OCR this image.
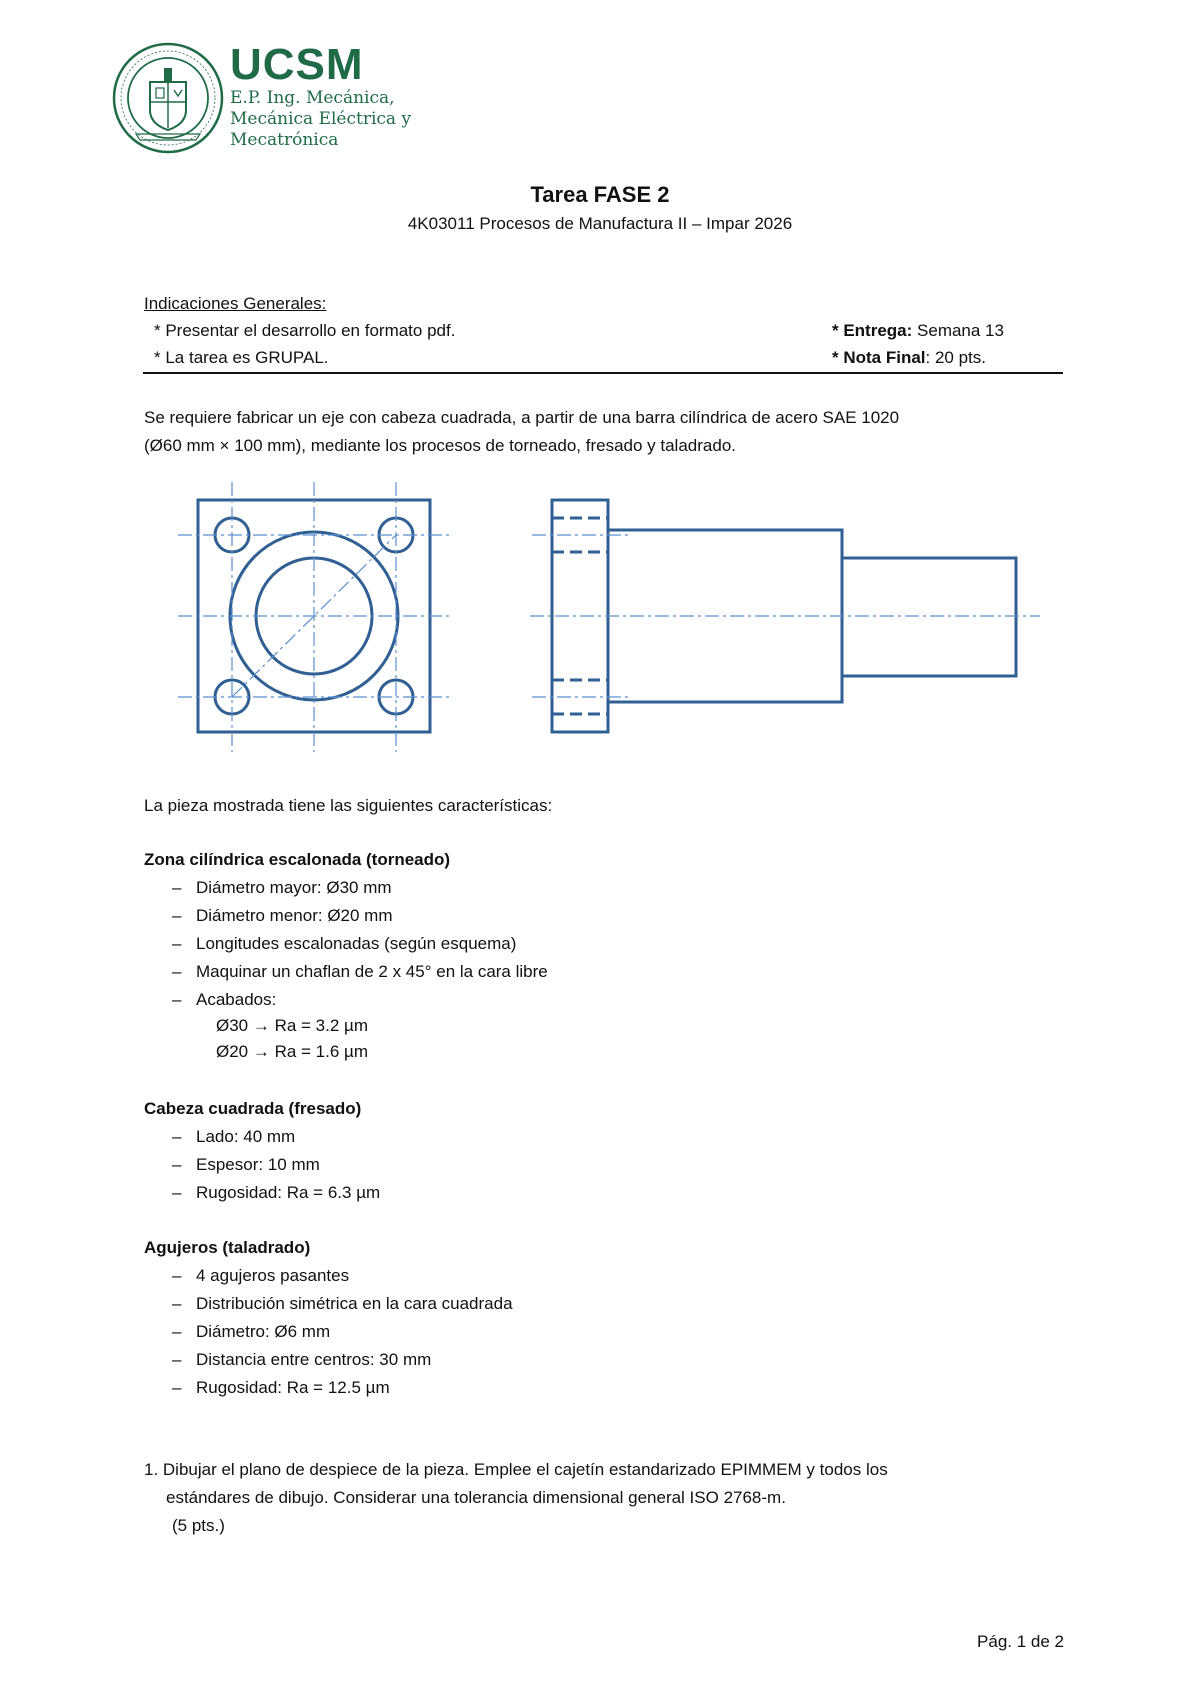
UCSM
E.P. Ing. Mecánica,
Mecánica Eléctrica y
Mecatrónica
Tarea FASE 2
4K03011 Procesos de Manufactura II – Impar 2026
Indicaciones Generales:
* Presentar el desarrollo en formato pdf.
* La tarea es GRUPAL.
* Entrega: Semana 13
* Nota Final: 20 pts.
Se requiere fabricar un eje con cabeza cuadrada, a partir de una barra cilíndrica de acero SAE 1020
(Ø60 mm × 100 mm), mediante los procesos de torneado, fresado y taladrado.
La pieza mostrada tiene las siguientes características:
Zona cilíndrica escalonada (torneado)
– Diámetro mayor: Ø30 mm
– Diámetro menor: Ø20 mm
– Longitudes escalonadas (según esquema)
– Maquinar un chaflan de 2 x 45° en la cara libre
– Acabados:
Ø30 → Ra = 3.2 µm
Ø20 → Ra = 1.6 µm
Cabeza cuadrada (fresado)
– Lado: 40 mm
– Espesor: 10 mm
– Rugosidad: Ra = 6.3 µm
Agujeros (taladrado)
– 4 agujeros pasantes
– Distribución simétrica en la cara cuadrada
– Diámetro: Ø6 mm
– Distancia entre centros: 30 mm
– Rugosidad: Ra = 12.5 µm
1. Dibujar el plano de despiece de la pieza. Emplee el cajetín estandarizado EPIMMEM y todos los
estándares de dibujo. Considerar una tolerancia dimensional general ISO 2768-m.
(5 pts.)
Pág. 1 de 2
